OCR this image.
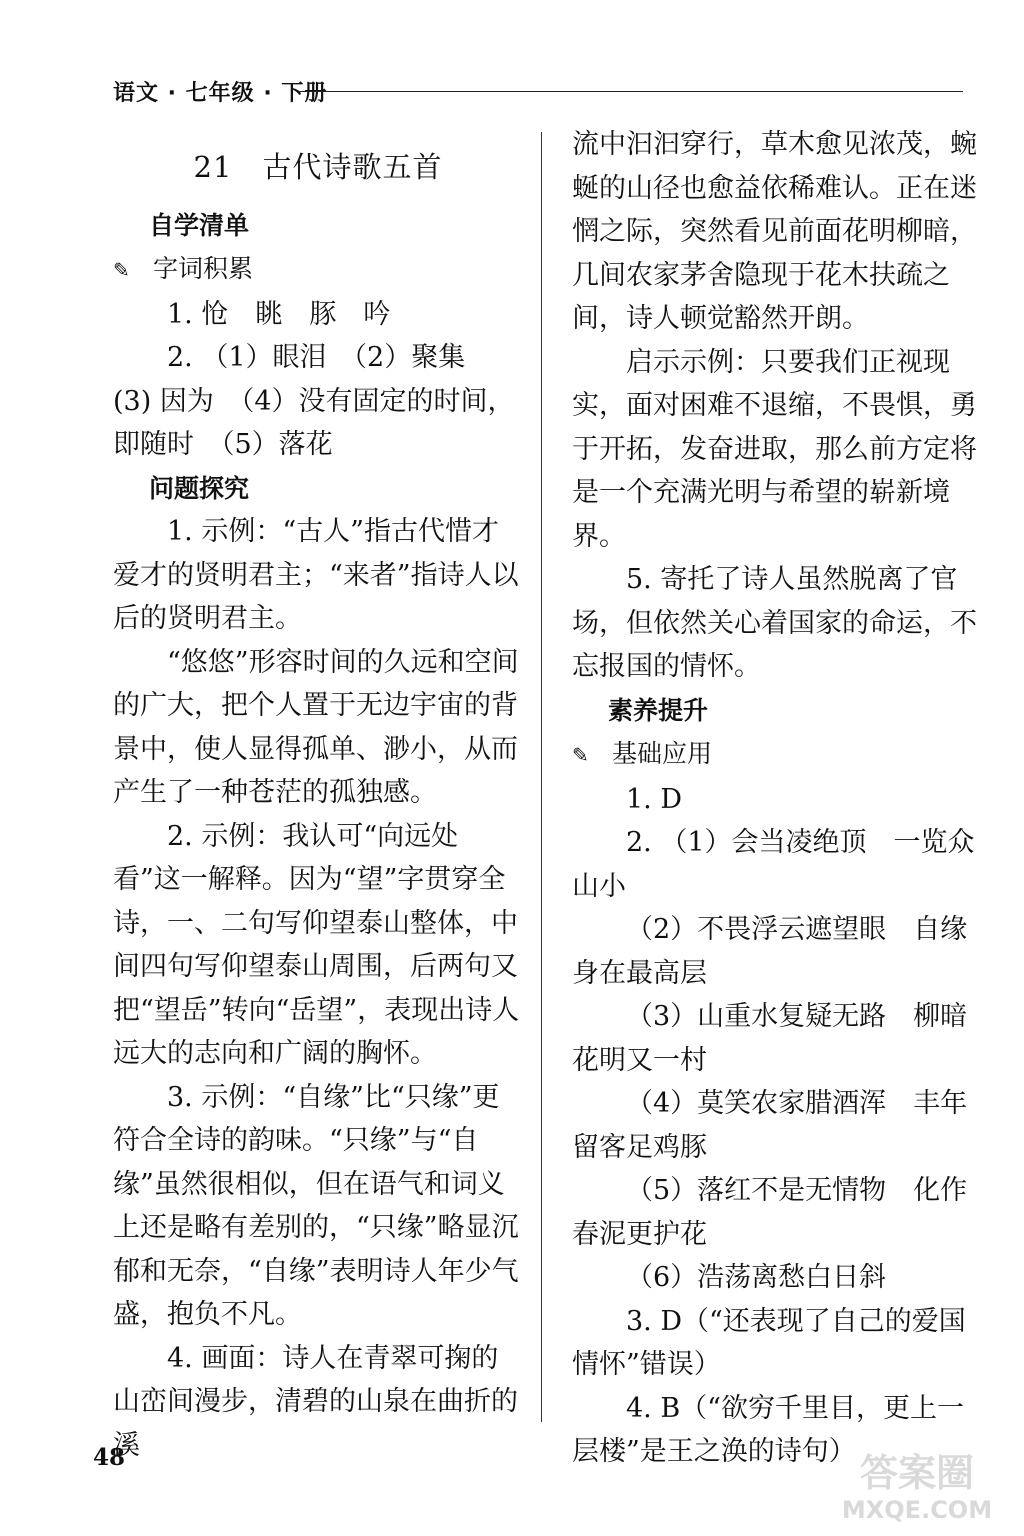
语文 · 七年级 · 下册

21　古代诗歌五首

自学清单

✎ 字词积累

1. 怆　眺　豚　吟

2. （1）眼泪　（2）聚集

(3) 因为　（4）没有固定的时间，即随时　（5）落花

问题探究

1. 示例：“古人”指古代惜才爱才的贤明君主；“来者”指诗人以后的贤明君主。

“悠悠”形容时间的久远和空间的广大，把个人置于无边宇宙的背景中，使人显得孤单、渺小，从而产生了一种苍茫的孤独感。

2. 示例：我认可“向远处看”这一解释。因为“望”字贯穿全诗，一、二句写仰望泰山整体，中间四句写仰望泰山周围，后两句又把“望岳”转向“岳望”，表现出诗人远大的志向和广阔的胸怀。

3. 示例：“自缘”比“只缘”更符合全诗的韵味。“只缘”与“自缘”虽然很相似，但在语气和词义上还是略有差别的，“只缘”略显沉郁和无奈，“自缘”表明诗人年少气盛，抱负不凡。

4. 画面：诗人在青翠可掬的山峦间漫步，清碧的山泉在曲折的溪

流中汩汩穿行，草木愈见浓茂，蜿蜒的山径也愈益依稀难认。正在迷惘之际，突然看见前面花明柳暗，几间农家茅舍隐现于花木扶疏之间，诗人顿觉豁然开朗。

启示示例：只要我们正视现实，面对困难不退缩，不畏惧，勇于开拓，发奋进取，那么前方定将是一个充满光明与希望的崭新境界。

5. 寄托了诗人虽然脱离了官场，但依然关心着国家的命运，不忘报国的情怀。

素养提升

✎ 基础应用

1. D

2. （1）会当凌绝顶　一览众山小

（2）不畏浮云遮望眼　自缘身在最高层

（3）山重水复疑无路　柳暗花明又一村

（4）莫笑农家腊酒浑　丰年留客足鸡豚

（5）落红不是无情物　化作春泥更护花

（6）浩荡离愁白日斜

3. D（“还表现了自己的爱国情怀”错误）

4. B（“欲穷千里目，更上一层楼”是王之涣的诗句）

48	答案圈
MXQE.COM
